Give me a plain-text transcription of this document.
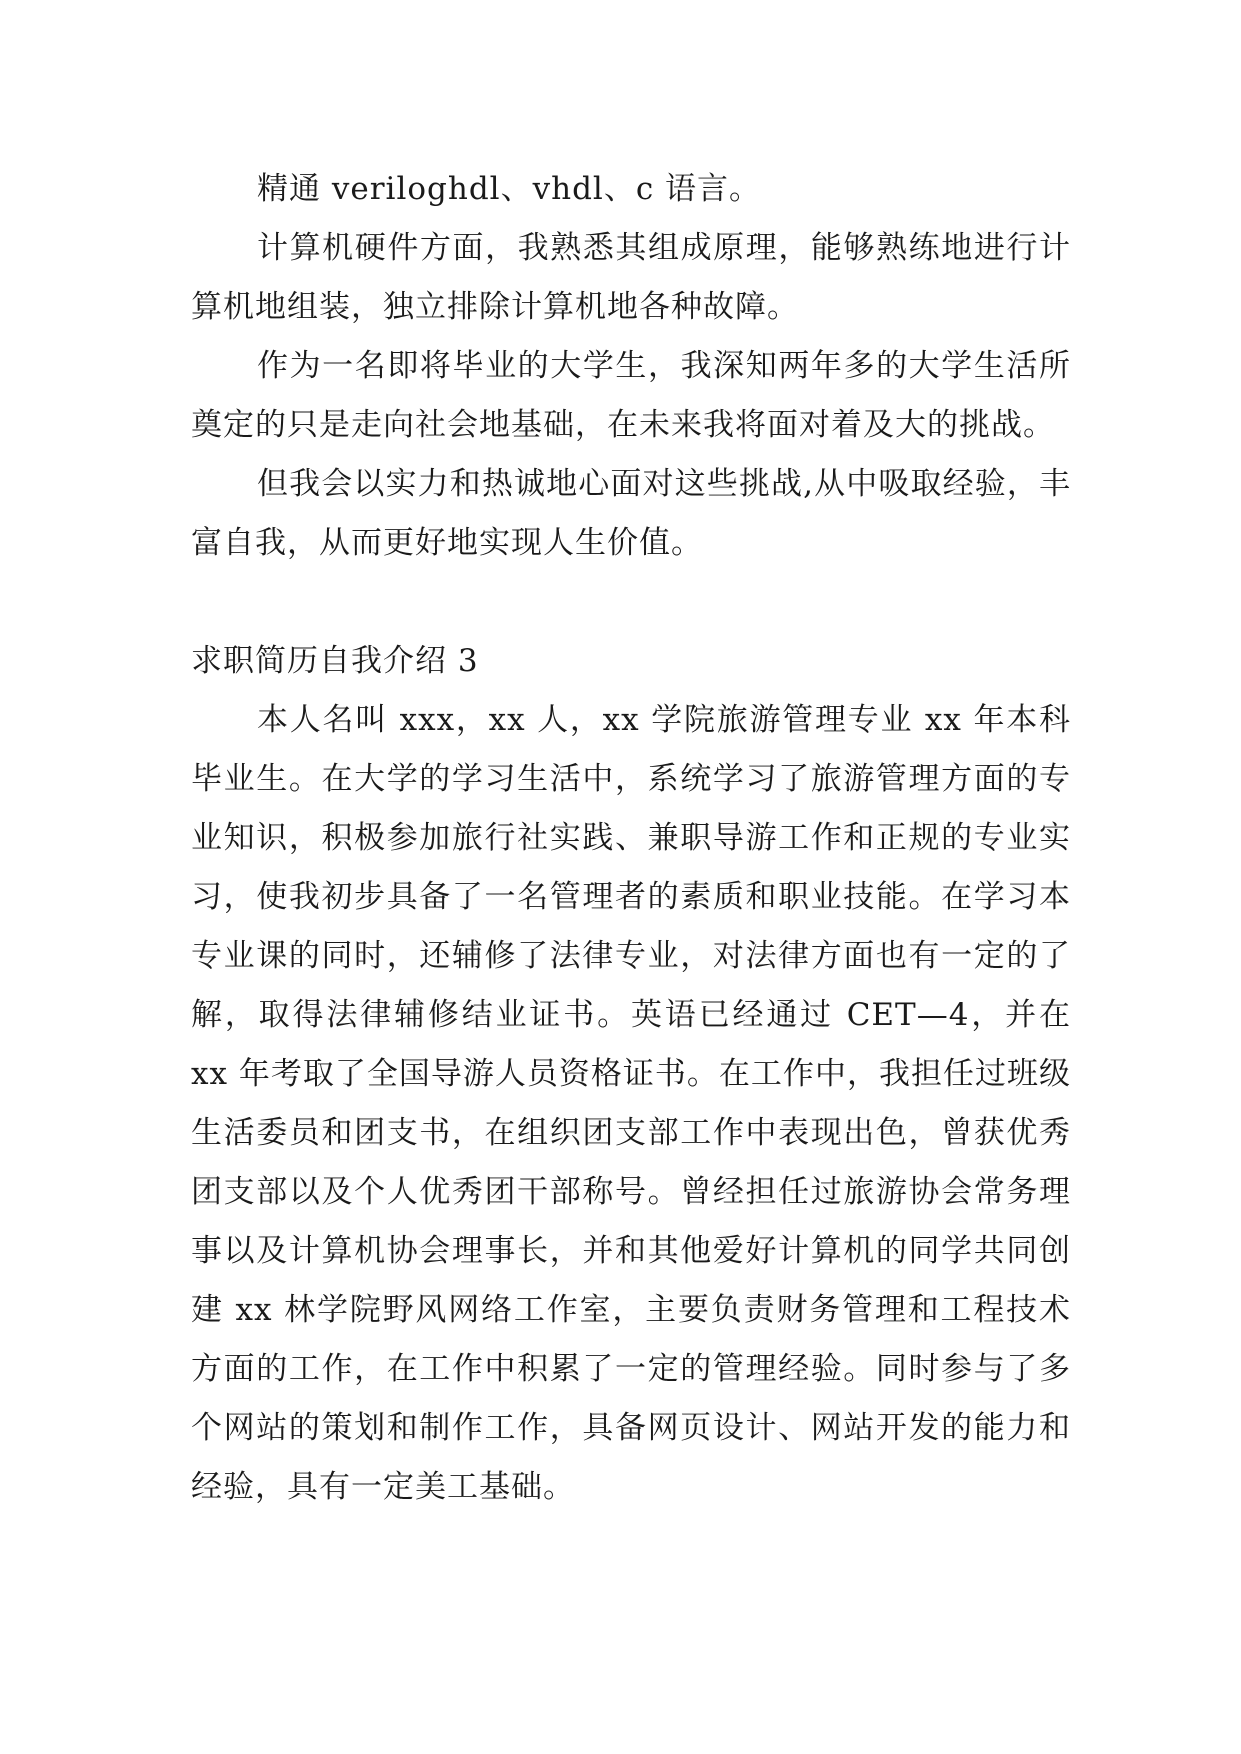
精通 veriloghdl、vhdl、c 语言。

计算机硬件方面，我熟悉其组成原理，能够熟练地进行计算机地组装，独立排除计算机地各种故障。

作为一名即将毕业的大学生，我深知两年多的大学生活所奠定的只是走向社会地基础，在未来我将面对着及大的挑战。

但我会以实力和热诚地心面对这些挑战,从中吸取经验，丰富自我，从而更好地实现人生价值。

求职简历自我介绍 3

本人名叫 xxx，xx 人，xx 学院旅游管理专业 xx 年本科毕业生。在大学的学习生活中，系统学习了旅游管理方面的专业知识，积极参加旅行社实践、兼职导游工作和正规的专业实习，使我初步具备了一名管理者的素质和职业技能。在学习本专业课的同时，还辅修了法律专业，对法律方面也有一定的了解，取得法律辅修结业证书。英语已经通过 CET—4，并在 xx 年考取了全国导游人员资格证书。在工作中，我担任过班级生活委员和团支书，在组织团支部工作中表现出色，曾获优秀团支部以及个人优秀团干部称号。曾经担任过旅游协会常务理事以及计算机协会理事长，并和其他爱好计算机的同学共同创建 xx 林学院野风网络工作室，主要负责财务管理和工程技术方面的工作，在工作中积累了一定的管理经验。同时参与了多个网站的策划和制作工作，具备网页设计、网站开发的能力和经验，具有一定美工基础。
